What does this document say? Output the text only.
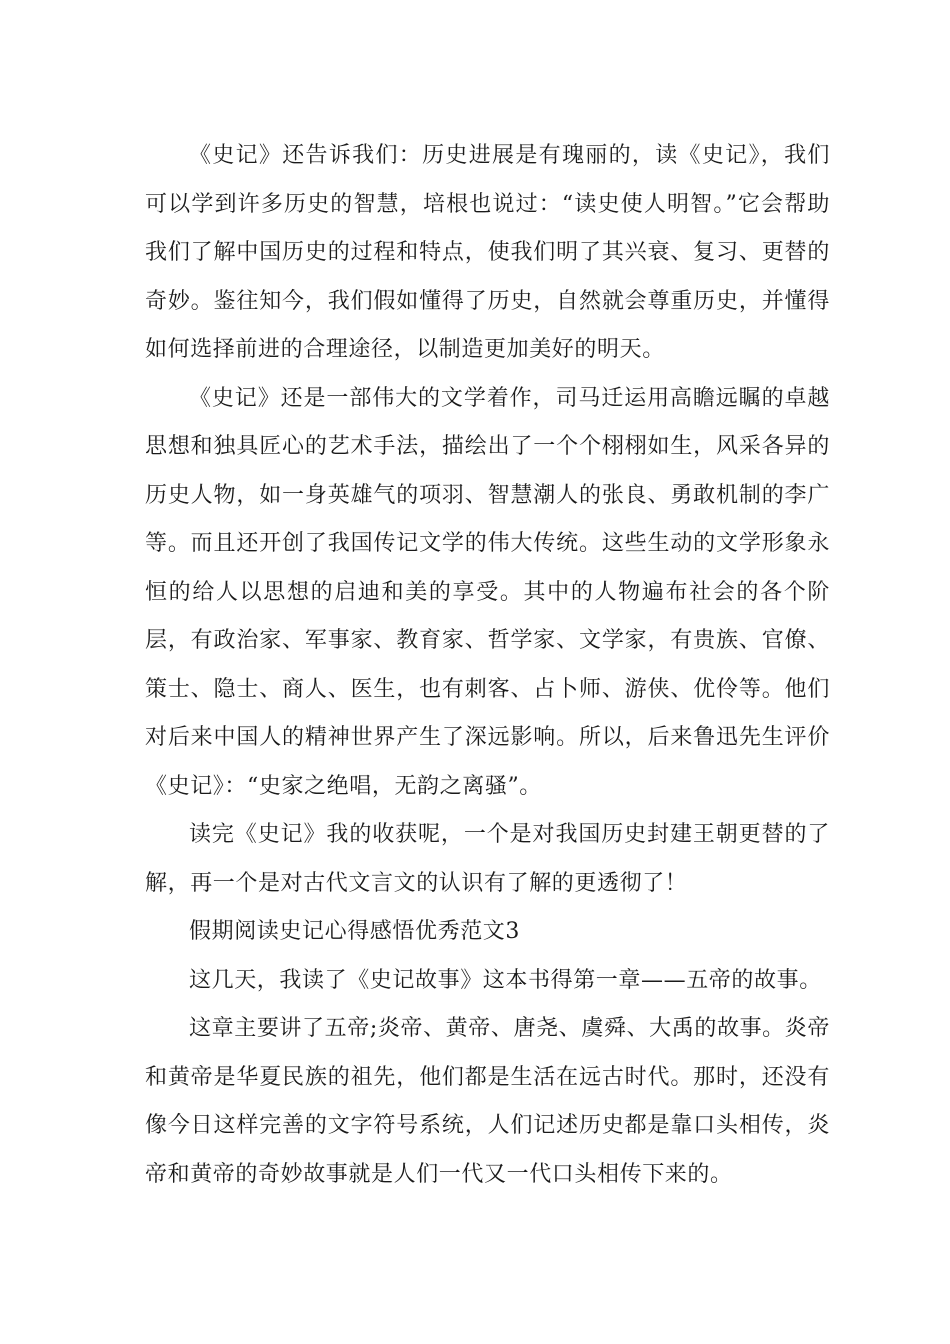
《史记》还告诉我们：历史进展是有瑰丽的，读《史记》，我们可以学到许多历史的智慧，培根也说过：“读史使人明智。”它会帮助我们了解中国历史的过程和特点，使我们明了其兴衰、复习、更替的奇妙。鉴往知今，我们假如懂得了历史，自然就会尊重历史，并懂得如何选择前进的合理途径，以制造更加美好的明天。

《史记》还是一部伟大的文学着作，司马迁运用高瞻远瞩的卓越思想和独具匠心的艺术手法，描绘出了一个个栩栩如生，风采各异的历史人物，如一身英雄气的项羽、智慧潮人的张良、勇敢机制的李广等。而且还开创了我国传记文学的伟大传统。这些生动的文学形象永恒的给人以思想的启迪和美的享受。其中的人物遍布社会的各个阶层，有政治家、军事家、教育家、哲学家、文学家，有贵族、官僚、策士、隐士、商人、医生，也有刺客、占卜师、游侠、优伶等。他们对后来中国人的精神世界产生了深远影响。所以，后来鲁迅先生评价《史记》：“史家之绝唱，无韵之离骚”。

读完《史记》我的收获呢，一个是对我国历史封建王朝更替的了解，再一个是对古代文言文的认识有了解的更透彻了！

假期阅读史记心得感悟优秀范文3

这几天，我读了《史记故事》这本书得第一章——五帝的故事。

这章主要讲了五帝;炎帝、黄帝、唐尧、虞舜、大禹的故事。炎帝和黄帝是华夏民族的祖先，他们都是生活在远古时代。那时，还没有像今日这样完善的文字符号系统，人们记述历史都是靠口头相传，炎帝和黄帝的奇妙故事就是人们一代又一代口头相传下来的。
